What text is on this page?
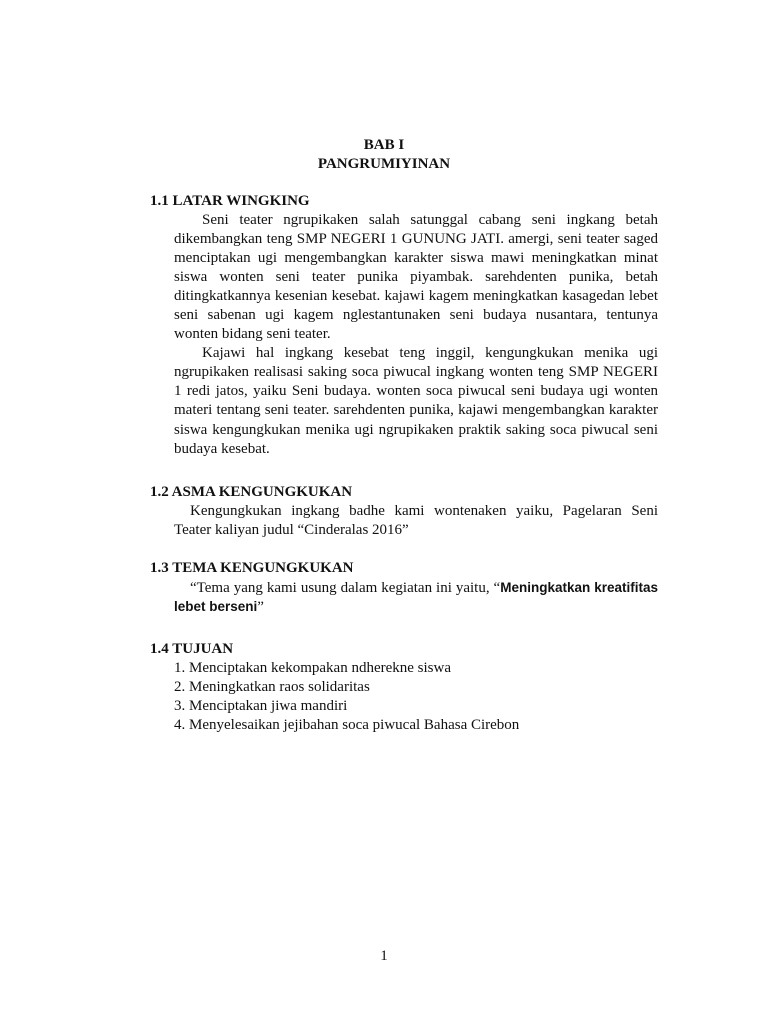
BAB I
PANGRUMIYINAN
1.1 LATAR WINGKING

Seni teater ngrupikaken salah satunggal cabang seni ingkang betah dikembangkan teng SMP NEGERI 1 GUNUNG JATI. amergi, seni teater saged menciptakan ugi mengembangkan karakter siswa mawi meningkatkan minat siswa wonten seni teater punika piyambak. sarehdenten punika, betah ditingkatkannya kesenian kesebat. kajawi kagem meningkatkan kasagedan lebet seni sabenan ugi kagem nglestantunaken seni budaya nusantara, tentunya wonten bidang seni teater.

Kajawi hal ingkang kesebat teng inggil, kengungkukan menika ugi ngrupikaken realisasi saking soca piwucal ingkang wonten teng SMP NEGERI 1 redi jatos, yaiku Seni budaya. wonten soca piwucal seni budaya ugi wonten materi tentang seni teater. sarehdenten punika, kajawi mengembangkan karakter siswa kengungkukan menika ugi ngrupikaken praktik saking soca piwucal seni budaya kesebat.

1.2 ASMA KENGUNGKUKAN

Kengungkukan ingkang badhe kami wontenaken yaiku, Pagelaran Seni Teater kaliyan judul “Cinderalas 2016”

1.3 TEMA KENGUNGKUKAN

“Tema yang kami usung dalam kegiatan ini yaitu, “Meningkatkan kreatifitas lebet berseni”

1.4 TUJUAN
1. Menciptakan kekompakan ndherekne siswa
2. Meningkatkan raos solidaritas
3. Menciptakan jiwa mandiri
4. Menyelesaikan jejibahan soca piwucal Bahasa Cirebon
1
